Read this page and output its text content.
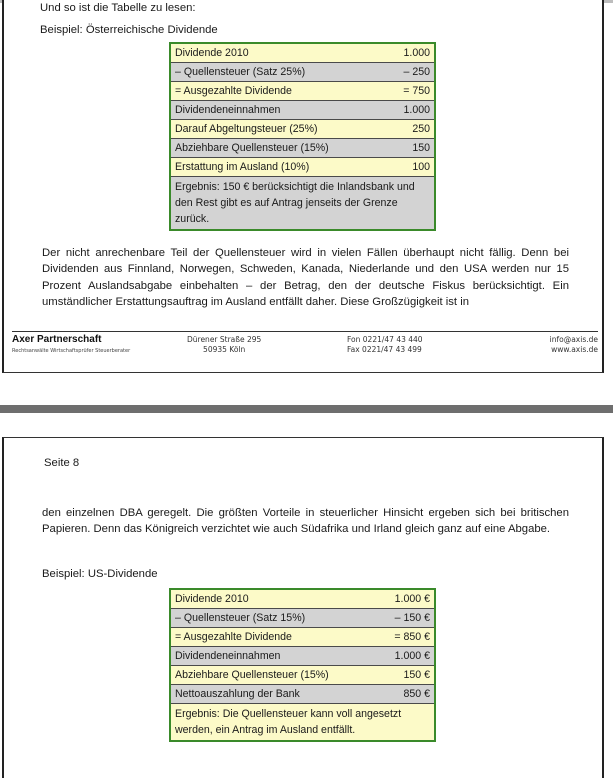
Und so ist die Tabelle zu lesen:
Beispiel: Österreichische Dividende
Dividende 2010	1.000
– Quellensteuer (Satz 25%)	– 250
= Ausgezahlte Dividende	= 750
Dividendeneinnahmen	1.000
Darauf Abgeltungsteuer (25%)	250
Abziehbare Quellensteuer (15%)	150
Erstattung im Ausland (10%)	100
Ergebnis: 150 € berücksichtigt die Inlandsbank und den Rest gibt es auf Antrag jenseits der Grenze zurück.	
Der nicht anrechenbare Teil der Quellensteuer wird in vielen Fällen überhaupt nicht fällig. Denn bei Dividenden aus Finnland, Norwegen, Schweden, Kanada, Niederlande und den USA werden nur 15 Prozent Auslandsabgabe einbehalten – der Betrag, den der deutsche Fiskus berücksichtigt. Ein umständlicher Erstattungsauftrag im Ausland entfällt daher. Diese Großzügigkeit ist in
Axer Partnerschaft
Rechtsanwälte Wirtschaftsprüfer Steuerberater
Dürener Straße 295
50935 Köln
Fon 0221/47 43 440
Fax 0221/47 43 499
info@axis.de
www.axis.de
Seite 8
den einzelnen DBA geregelt. Die größten Vorteile in steuerlicher Hinsicht ergeben sich bei britischen Papieren. Denn das Königreich verzichtet wie auch Südafrika und Irland gleich ganz auf eine Abgabe.
Beispiel: US-Dividende
Dividende 2010	1.000 €
– Quellensteuer (Satz 15%)	– 150 €
= Ausgezahlte Dividende	= 850 €
Dividendeneinnahmen	1.000 €
Abziehbare Quellensteuer (15%)	150 €
Nettoauszahlung der Bank	850 €
Ergebnis: Die Quellensteuer kann voll angesetzt werden, ein Antrag im Ausland entfällt.	
